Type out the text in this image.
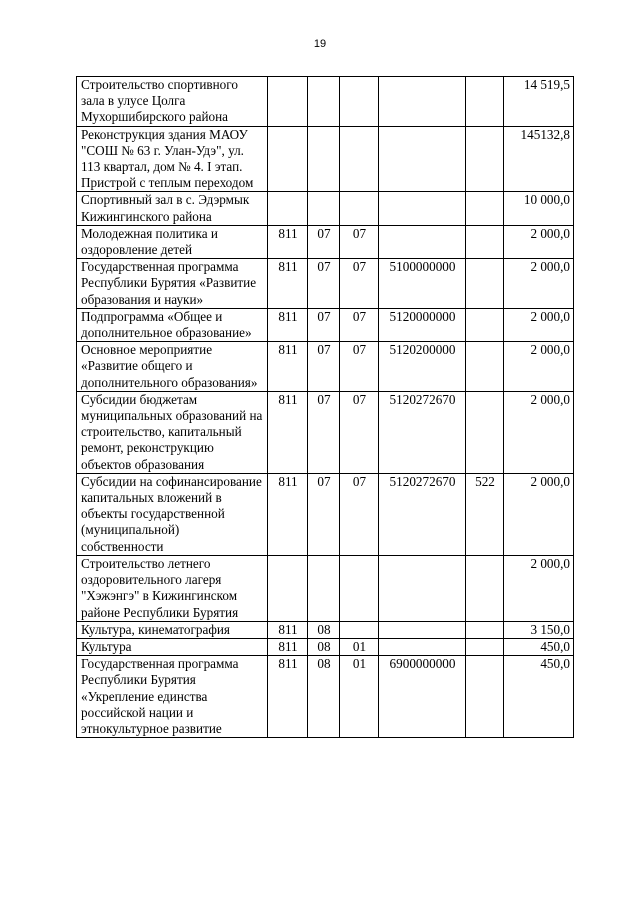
19
Строительство спортивного зала в улусе Цолга Мухоршибирского района						14 519,5
Реконструкция здания МАОУ "СОШ № 63 г. Улан-Удэ", ул. 113 квартал, дом № 4. I этап. Пристрой с теплым переходом						145132,8
Спортивный зал в с. Эдэрмык Кижингинского района						10 000,0
Молодежная политика и оздоровление детей	811	07	07			2 000,0
Государственная программа Республики Бурятия «Развитие образования и науки»	811	07	07	5100000000		2 000,0
Подпрограмма «Общее и дополнительное образование»	811	07	07	5120000000		2 000,0
Основное мероприятие «Развитие общего и дополнительного образования»	811	07	07	5120200000		2 000,0
Субсидии бюджетам муниципальных образований на строительство, капитальный ремонт, реконструкцию объектов образования	811	07	07	5120272670		2 000,0
Субсидии на софинансирование капитальных вложений в объекты государственной (муниципальной) собственности	811	07	07	5120272670	522	2 000,0
Строительство летнего оздоровительного лагеря "Хэжэнгэ" в Кижингинском районе Республики Бурятия						2 000,0
Культура, кинематография	811	08				3 150,0
Культура	811	08	01			450,0
Государственная программа Республики Бурятия «Укрепление единства российской нации и этнокультурное развитие	811	08	01	6900000000		450,0
